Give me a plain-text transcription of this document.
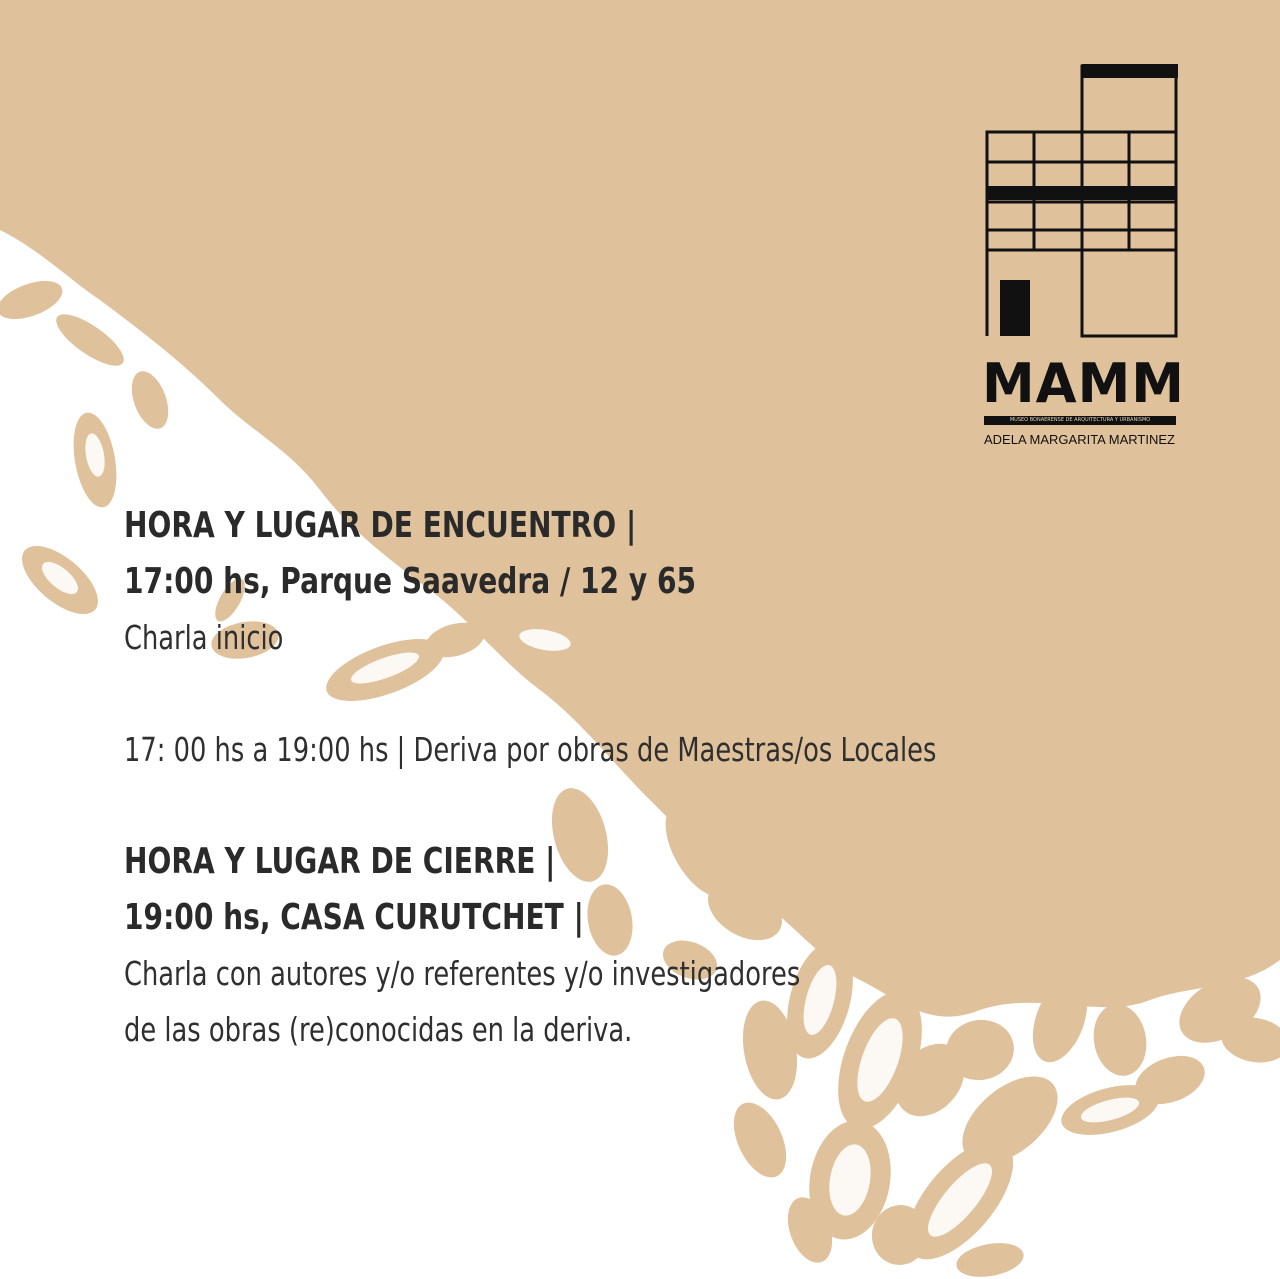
MAMM
MUSEO BONAERENSE DE ARQUITECTURA Y URBANISMO
ADELA MARGARITA MARTINEZ
HORA Y LUGAR DE ENCUENTRO |
17:00 hs, Parque Saavedra / 12 y 65
Charla inicio
17: 00 hs a 19:00 hs | Deriva por obras de Maestras/os Locales
HORA Y LUGAR DE CIERRE |
19:00 hs, CASA CURUTCHET |
Charla con autores y/o referentes y/o investigadores
de las obras (re)conocidas en la deriva.
